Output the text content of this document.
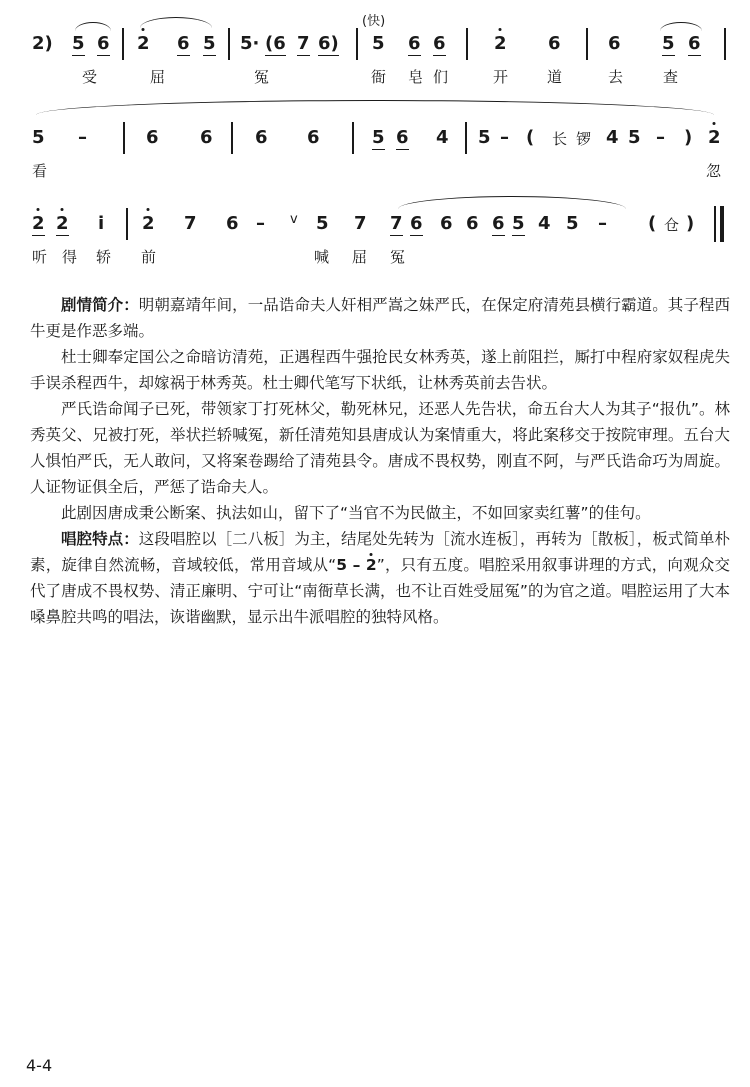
(快)
2) 5 6 2 6 5 5· (6 7 6) 5 6 6	2 6	6 5 6
受	屈	冤	衙 皂 们	开	道	去	查
5 –	6 6 6 6	5 6 4 5 – ( 长 锣 4 5 – ) 2
看	忽
2 2 i 2 7 6 – v 5 7 7 6 6 6 6 5 4 5 – ( 仓 )
听 得 轿 前	喊 屈 冤

剧情简介：明朝嘉靖年间，一品诰命夫人奸相严嵩之妹严氏，在保定府清苑县横行霸道。其子程西牛更是作恶多端。

杜士卿奉定国公之命暗访清苑，正遇程西牛强抢民女林秀英，遂上前阻拦，厮打中程府家奴程虎失手误杀程西牛，却嫁祸于林秀英。杜士卿代笔写下状纸，让林秀英前去告状。

严氏诰命闻子已死，带领家丁打死林父，勒死林兄，还恶人先告状，命五台大人为其子“报仇”。林秀英父、兄被打死，举状拦轿喊冤，新任清苑知县唐成认为案情重大，将此案移交于按院审理。五台大人惧怕严氏，无人敢问，又将案卷踢给了清苑县令。唐成不畏权势，刚直不阿，与严氏诰命巧为周旋。人证物证俱全后，严惩了诰命夫人。

此剧因唐成秉公断案、执法如山，留下了“当官不为民做主，不如回家卖红薯”的佳句。

唱腔特点：这段唱腔以［二八板］为主，结尾处先转为［流水连板］，再转为［散板］，板式简单朴素，旋律自然流畅，音域较低，常用音域从“5 – 2
”，只有五度。唱腔采用叙事讲理的方式，向观众交代了唐成不畏权势、清正廉明、宁可让“南衙草长满，也不让百姓受屈冤”的为官之道。唱腔运用了大本嗓鼻腔共鸣的唱法，诙谐幽默，显示出牛派唱腔的独特风格。

4-4
